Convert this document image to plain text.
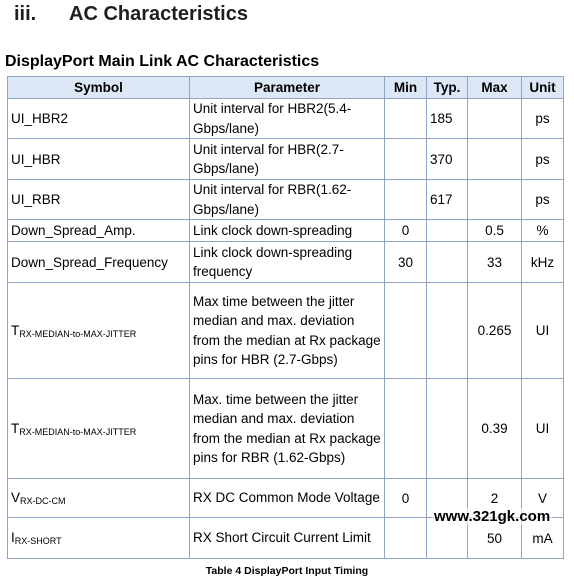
iii. AC Characteristics
DisplayPort Main Link AC Characteristics
Symbol	Parameter	Min	Typ.	Max	Unit
UI_HBR2	Unit interval for HBR2(5.4-Gbps/lane)		185		ps
UI_HBR	Unit interval for HBR(2.7-Gbps/lane)		370		ps
UI_RBR	Unit interval for RBR(1.62-Gbps/lane)		617		ps
Down_Spread_Amp.	Link clock down-spreading	0		0.5	%
Down_Spread_Frequency	Link clock down-spreading frequency	30		33	kHz
$T_{RX-MEDIAN-to-MAX-JITTER}$	Max time between the jitter median and max. deviation from the median at Rx package pins for HBR (2.7-Gbps)			0.265	UI
$T_{RX-MEDIAN-to-MAX-JITTER}$	Max. time between the jitter median and max. deviation from the median at Rx package pins for RBR (1.62-Gbps)			0.39	UI
$V_{RX-DC-CM}$	RX DC Common Mode Voltage	0		2	V
$I_{RX-SHORT}$	RX Short Circuit Current Limit			50	mA
www.321gk.com
Table 4 DisplayPort Input Timing
